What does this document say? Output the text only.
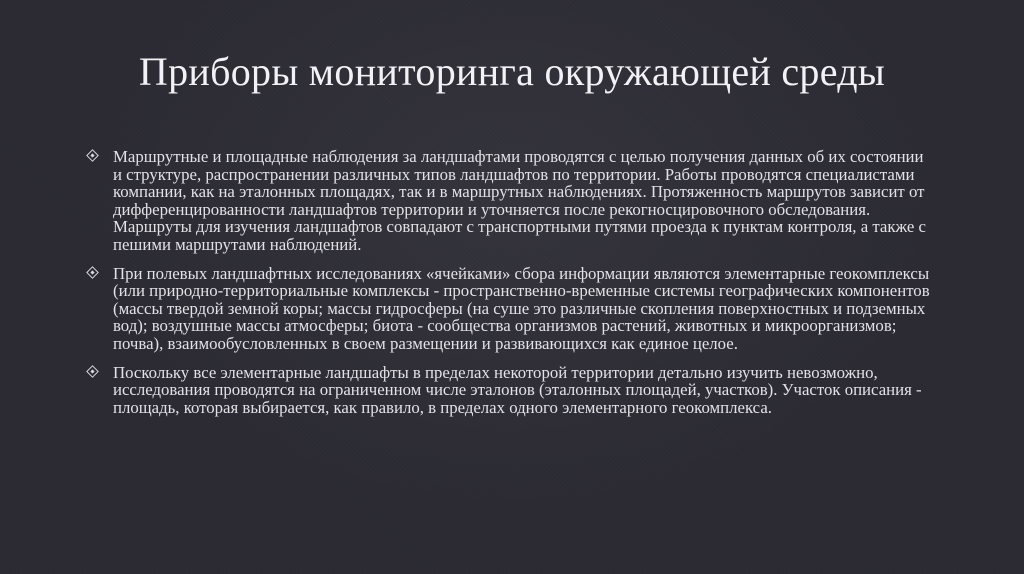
Приборы мониторинга окружающей среды
Маршрутные и площадные наблюдения за ландшафтами проводятся с целью получения данных об их состоянии и структуре, распространении различных типов ландшафтов по территории. Работы проводятся специалистами компании, как на эталонных площадях, так и в маршрутных наблюдениях. Протяженность маршрутов зависит от дифференцированности ландшафтов территории и уточняется после рекогносцировочного обследования. Маршруты для изучения ландшафтов совпадают с транспортными путями проезда к пунктам контроля, а также с пешими маршрутами наблюдений.
При полевых ландшафтных исследованиях «ячейками» сбора информации являются элементарные геокомплексы (или природно-территориальные комплексы - пространственно-временные системы географических компонентов (массы твердой земной коры; массы гидросферы (на суше это различные скопления поверхностных и подземных вод); воздушные массы атмосферы; биота - сообщества организмов растений, животных и микроорганизмов; почва), взаимообусловленных в своем размещении и развивающихся как единое целое.
Поскольку все элементарные ландшафты в пределах некоторой территории детально изучить невозможно, исследования проводятся на ограниченном числе эталонов (эталонных площадей, участков). Участок описания - площадь, которая выбирается, как правило, в пределах одного элементарного геокомплекса.
